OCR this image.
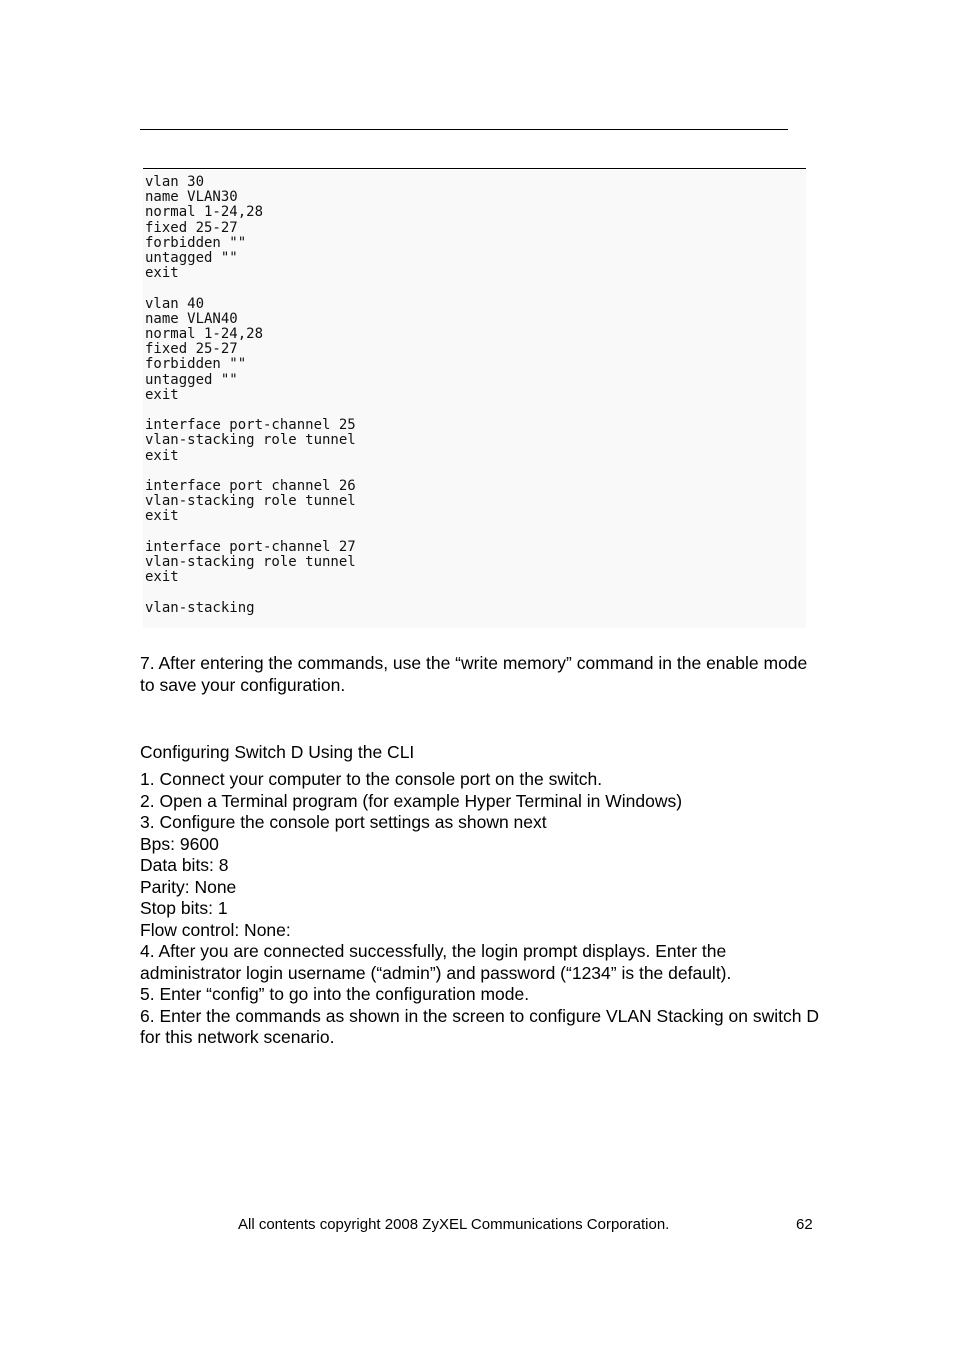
vlan 30
name VLAN30
normal 1-24,28
fixed 25-27
forbidden ""
untagged ""
exit

vlan 40
name VLAN40
normal 1-24,28
fixed 25-27
forbidden ""
untagged ""
exit

interface port-channel 25
vlan-stacking role tunnel
exit

interface port channel 26
vlan-stacking role tunnel
exit

interface port-channel 27
vlan-stacking role tunnel
exit

vlan-stacking

7. After entering the commands, use the “write memory” command in the enable mode to save your configuration.

Configuring Switch D Using the CLI

1. Connect your computer to the console port on the switch.
2. Open a Terminal program (for example Hyper Terminal in Windows)
3. Configure the console port settings as shown next
Bps: 9600
Data bits: 8
Parity: None
Stop bits: 1
Flow control: None:
4. After you are connected successfully, the login prompt displays. Enter the administrator login username (“admin”) and password (“1234” is the default).
5. Enter “config” to go into the configuration mode.
6. Enter the commands as shown in the screen to configure VLAN Stacking on switch D for this network scenario.

All contents copyright 2008 ZyXEL Communications Corporation.	62
